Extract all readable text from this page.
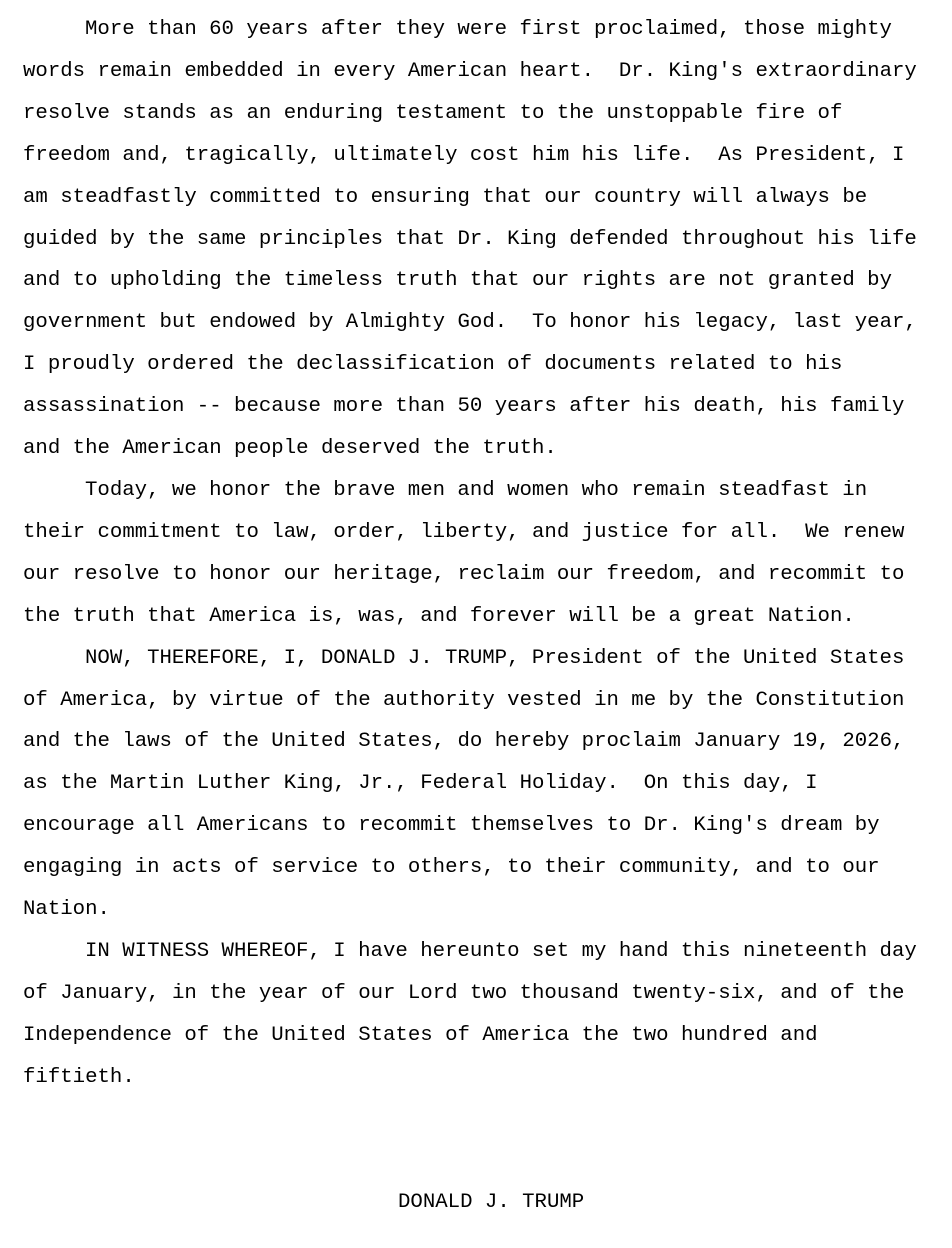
More than 60 years after they were first proclaimed, those mighty
words remain embedded in every American heart.  Dr. King's extraordinary
resolve stands as an enduring testament to the unstoppable fire of
freedom and, tragically, ultimately cost him his life.  As President, I
am steadfastly committed to ensuring that our country will always be
guided by the same principles that Dr. King defended throughout his life
and to upholding the timeless truth that our rights are not granted by
government but endowed by Almighty God.  To honor his legacy, last year,
I proudly ordered the declassification of documents related to his
assassination -- because more than 50 years after his death, his family
and the American people deserved the truth.
Today, we honor the brave men and women who remain steadfast in
their commitment to law, order, liberty, and justice for all.  We renew
our resolve to honor our heritage, reclaim our freedom, and recommit to
the truth that America is, was, and forever will be a great Nation.
NOW, THEREFORE, I, DONALD J. TRUMP, President of the United States
of America, by virtue of the authority vested in me by the Constitution
and the laws of the United States, do hereby proclaim January 19, 2026,
as the Martin Luther King, Jr., Federal Holiday.  On this day, I
encourage all Americans to recommit themselves to Dr. King's dream by
engaging in acts of service to others, to their community, and to our
Nation.
IN WITNESS WHEREOF, I have hereunto set my hand this nineteenth day
of January, in the year of our Lord two thousand twenty-six, and of the
Independence of the United States of America the two hundred and
fiftieth.
DONALD J. TRUMP
